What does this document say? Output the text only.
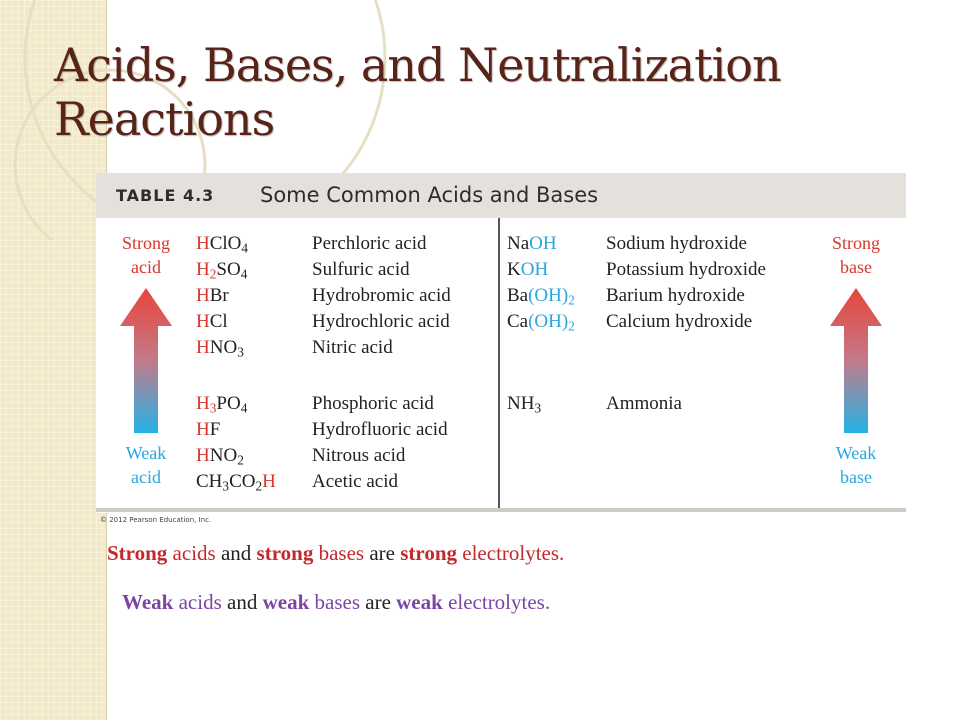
Acids, Bases, and Neutralization
Reactions
TABLE 4.3 Some Common Acids and Bases
Strong
acid
Weak
acid
Strong
base
Weak
base
HClO$_4$
$H_2SO_4$
HBr
HCl
$HNO_3$
$H_3PO_4$
HF
$HNO_2$
$CH_3CO_2H$
Perchloric acid
Sulfuric acid
Hydrobromic acid
Hydrochloric acid
Nitric acid
Phosphoric acid
Hydrofluoric acid
Nitrous acid
Acetic acid
NaOH
KOH
$Ba(OH)_2$
$Ca(OH)_2$
$NH_3$
Sodium hydroxide
Potassium hydroxide
Barium hydroxide
Calcium hydroxide
Ammonia
© 2012 Pearson Education, Inc.
Strong acids and strong bases are strong electrolytes.
Weak acids and weak bases are weak electrolytes.
